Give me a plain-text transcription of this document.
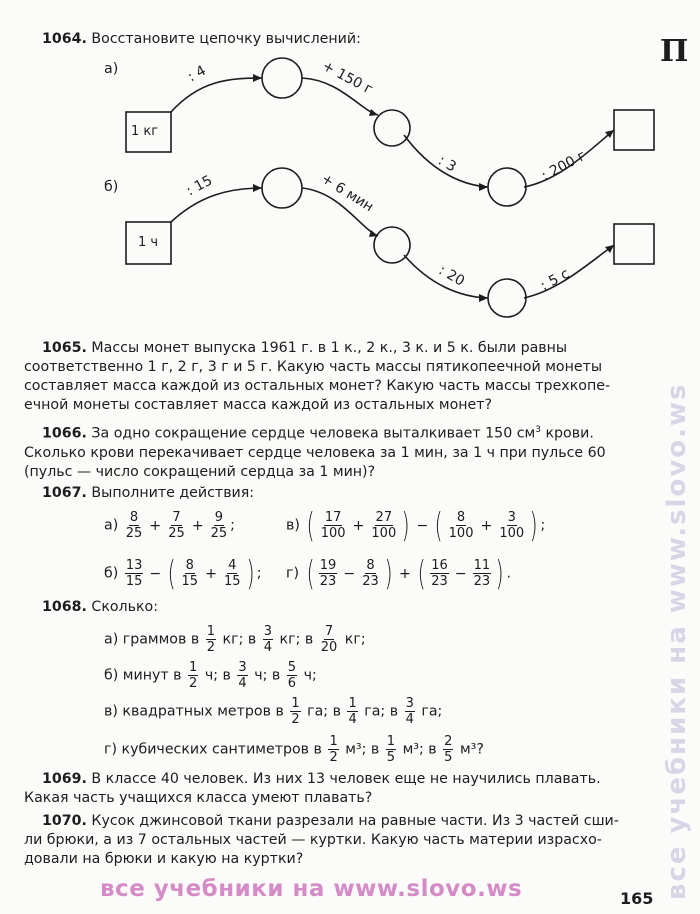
П
все учебники на www.slovo.ws
1064. Восстановите цепочку вычислений:
а)
1 кг
: 4	+ 150 г
: 3	: 200 г
б)
1 ч
: 15	+ 6 мин
: 20	: 5 с
1065. Массы монет выпуска 1961 г. в 1 к., 2 к., 3 к. и 5 к. были равны
соответственно 1 г, 2 г, 3 г и 5 г. Какую часть массы пятикопеечной монеты
составляет масса каждой из остальных монет? Какую часть массы трехкопе-
ечной монеты составляет масса каждой из остальных монет?
1066. За одно сокращение сердце человека выталкивает 150 $см^3$ крови.
Сколько крови перекачивает сердце человека за 1 мин, за 1 ч при пульсе 60
(пульс — число сокращений сердца за 1 мин)?
1067. Выполните действия:
$а) \frac{8}{25} + \frac{7}{25} + \frac{9}{25}$ ;	в) ( $\frac{17}{100} + \frac{27}{100}$ ) − ( $\frac{8}{100} + \frac{3}{100}$ ) ;
$б) \frac{13}{15}$ − ( $\frac{8}{15} + \frac{4}{15}$ ) ; г) ( $\frac{19}{23} - \frac{8}{23}$ ) + ( $\frac{16}{23} - \frac{11}{23}$ ) .
1068. Сколько:
а) граммов в $\frac{1}{2}$ кг; в $\frac{3}{4}$ кг; в $\frac{7}{20}$ кг;
б) минут в $\frac{1}{2} ч$; в $\frac{3}{4} ч$; в $\frac{5}{6} ч$;
в) квадратных метров в $\frac{1}{2}$ га; в $\frac{1}{4}$ га; в $\frac{3}{4}$ га;
г) кубических сантиметров в $\frac{1}{2} м^3$; в $\frac{1}{5} м^3$; в $\frac{2}{5} м^3$?
1069. В классе 40 человек. Из них 13 человек еще не научились плавать.
Какая часть учащихся класса умеют плавать?
1070. Кусок джинсовой ткани разрезали на равные части. Из 3 частей сши-
ли брюки, а из 7 остальных частей — куртки. Какую часть материи израсхо-
довали на брюки и какую на куртки?
все учебники на www.slovo.ws	165
